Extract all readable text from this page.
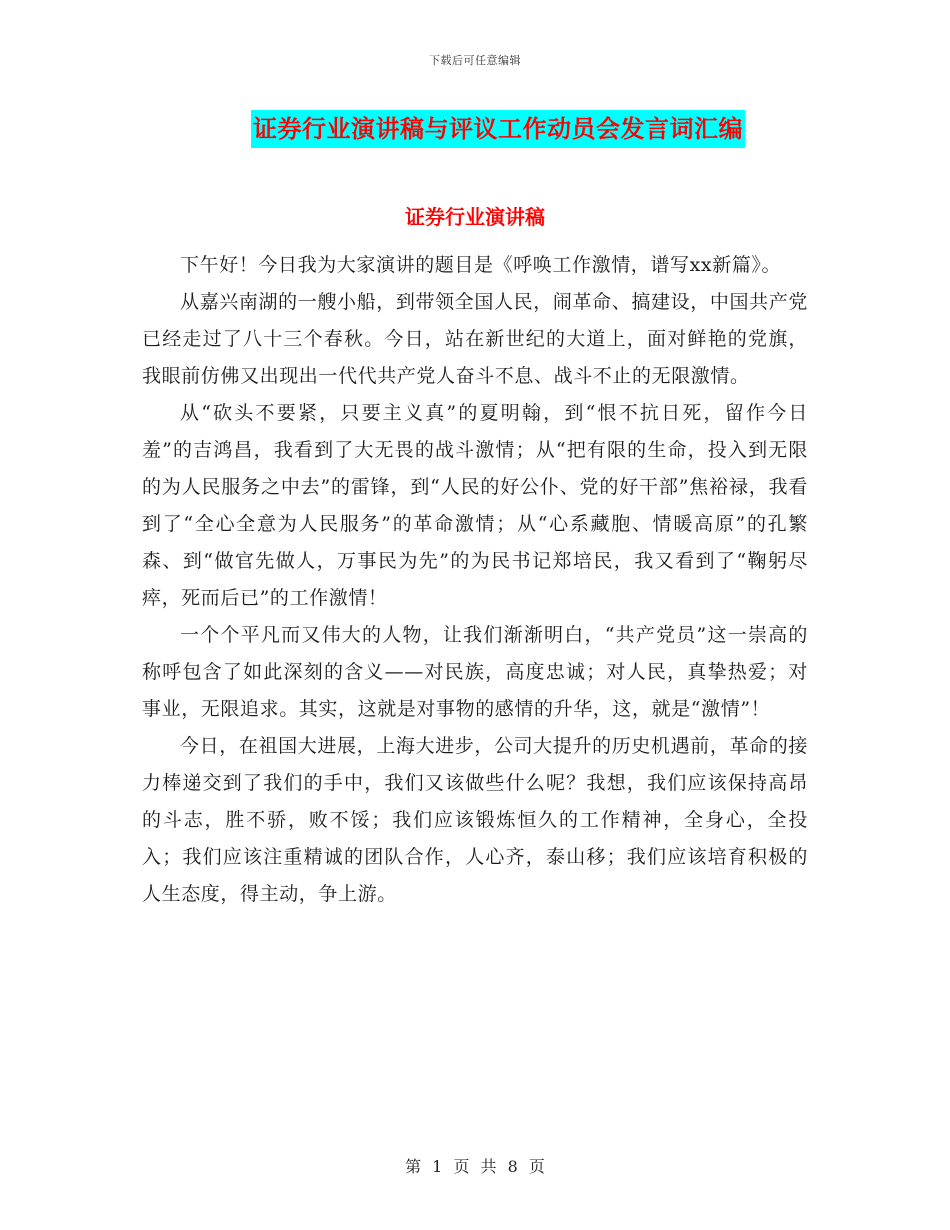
下载后可任意编辑
证券行业演讲稿与评议工作动员会发言词汇编
证券行业演讲稿

下午好！今日我为大家演讲的题目是《呼唤工作激情，谱写xx新篇》。

从嘉兴南湖的一艘小船，到带领全国人民，闹革命、搞建设，中国共产党已经走过了八十三个春秋。今日，站在新世纪的大道上，面对鲜艳的党旗，我眼前仿佛又出现出一代代共产党人奋斗不息、战斗不止的无限激情。

从“砍头不要紧，只要主义真”的夏明翰，到“恨不抗日死，留作今日羞”的吉鸿昌，我看到了大无畏的战斗激情；从“把有限的生命，投入到无限的为人民服务之中去”的雷锋，到“人民的好公仆、党的好干部”焦裕禄，我看到了“全心全意为人民服务”的革命激情；从“心系藏胞、情暖高原”的孔繁森、到“做官先做人，万事民为先”的为民书记郑培民，我又看到了“鞠躬尽瘁，死而后已”的工作激情！

一个个平凡而又伟大的人物，让我们渐渐明白，“共产党员”这一崇高的称呼包含了如此深刻的含义——对民族，高度忠诚；对人民，真挚热爱；对事业，无限追求。其实，这就是对事物的感情的升华，这，就是“激情”！

今日，在祖国大进展，上海大进步，公司大提升的历史机遇前，革命的接力棒递交到了我们的手中，我们又该做些什么呢？我想，我们应该保持高昂的斗志，胜不骄，败不馁；我们应该锻炼恒久的工作精神，全身心，全投入；我们应该注重精诚的团队合作，人心齐，泰山移；我们应该培育积极的人生态度，得主动，争上游。

第 1 页 共 8 页
